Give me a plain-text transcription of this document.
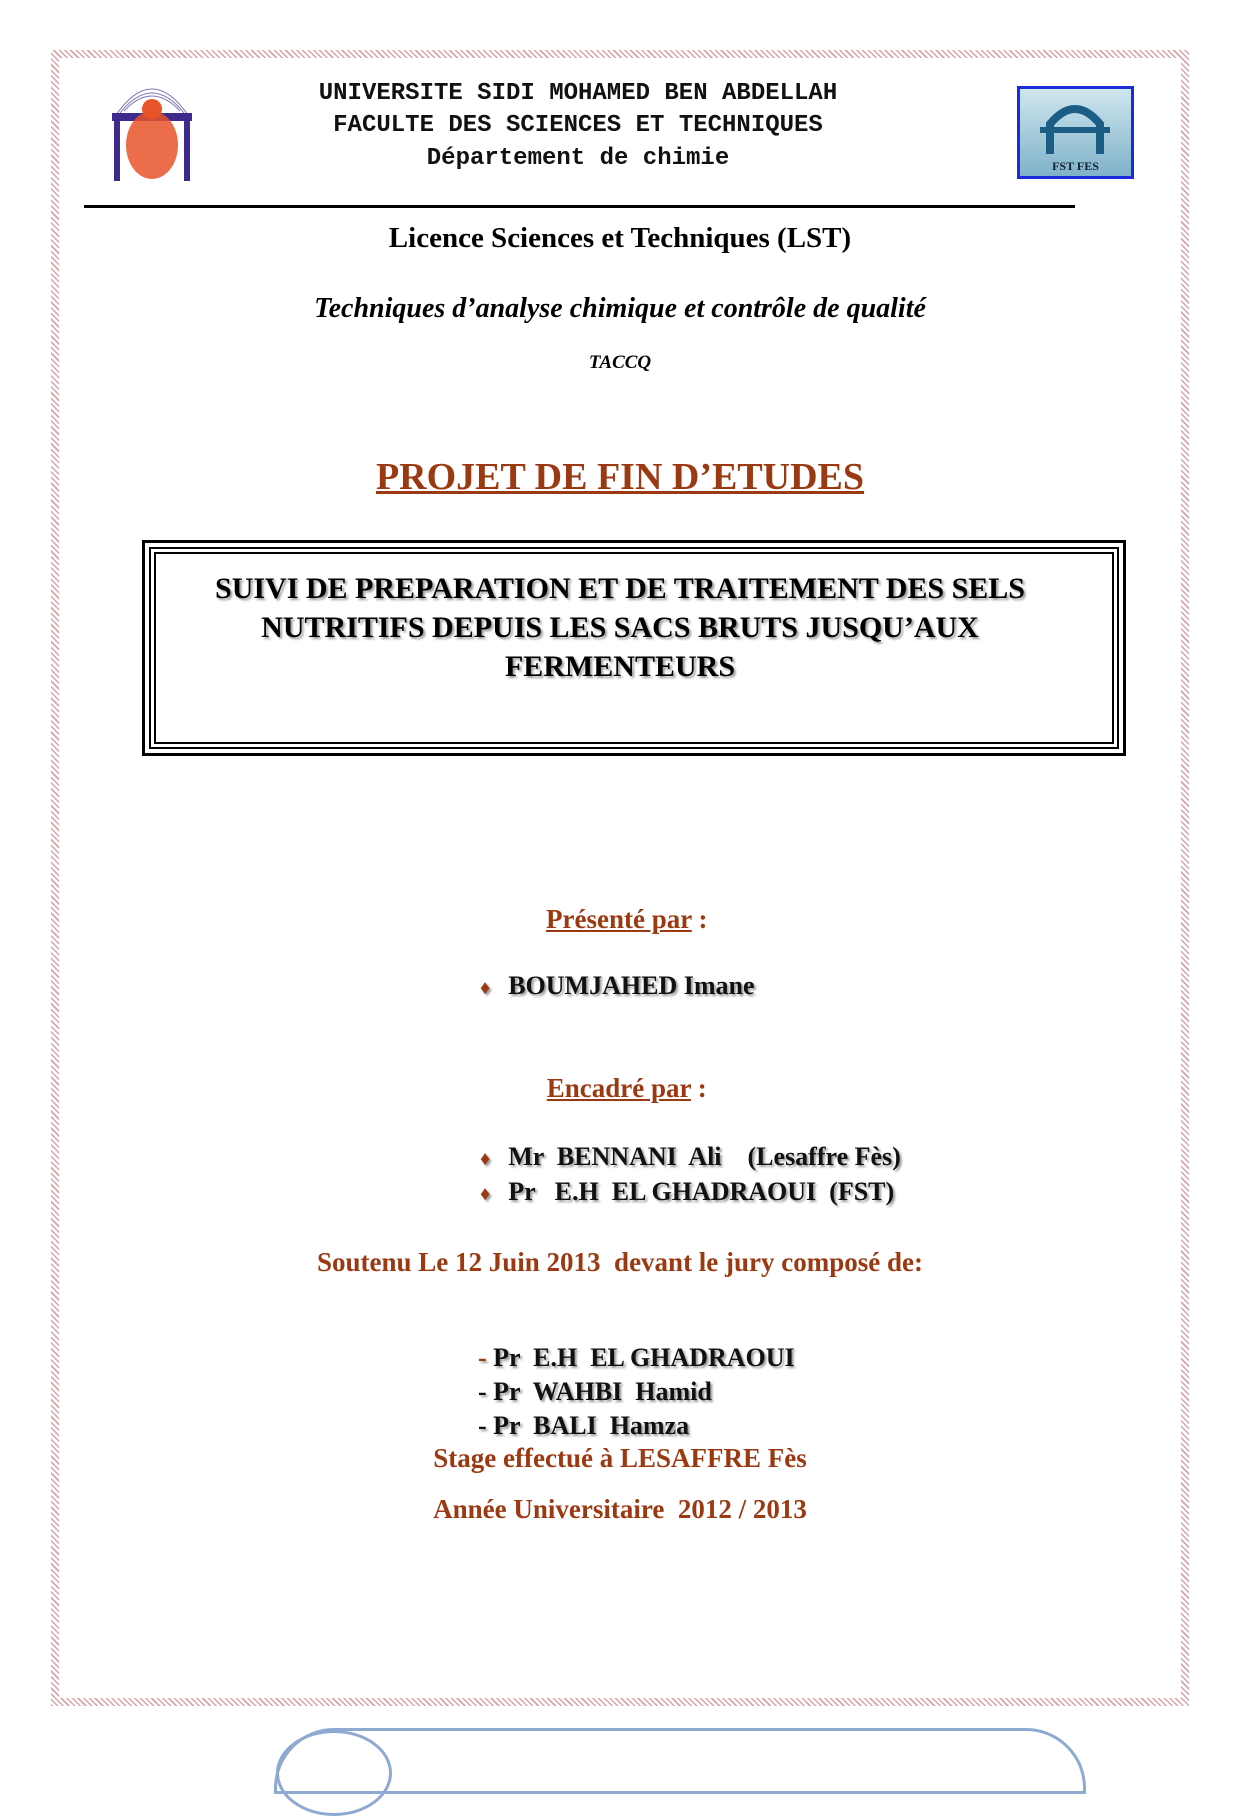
FST FES
UNIVERSITE SIDI MOHAMED BEN ABDELLAH
FACULTE DES SCIENCES ET TECHNIQUES
Département de chimie
Licence Sciences et Techniques (LST)
Techniques d’analyse chimique et contrôle de qualité
TACCQ
PROJET DE FIN D’ETUDES
SUIVI DE PREPARATION ET DE TRAITEMENT DES SELS
NUTRITIFS DEPUIS LES SACS BRUTS JUSQU’AUX
FERMENTEURS

Présenté par :

♦ BOUMJAHED Imane

Encadré par :

♦ Mr  BENNANI  Ali    (Lesaffre Fès)

♦ Pr   E.H  EL GHADRAOUI  (FST)

Soutenu Le 12 Juin 2013  devant le jury composé de:

- Pr  E.H  EL GHADRAOUI

- Pr  WAHBI  Hamid

- Pr  BALI  Hamza

Stage effectué à LESAFFRE Fès
Année Universitaire  2012 / 2013
